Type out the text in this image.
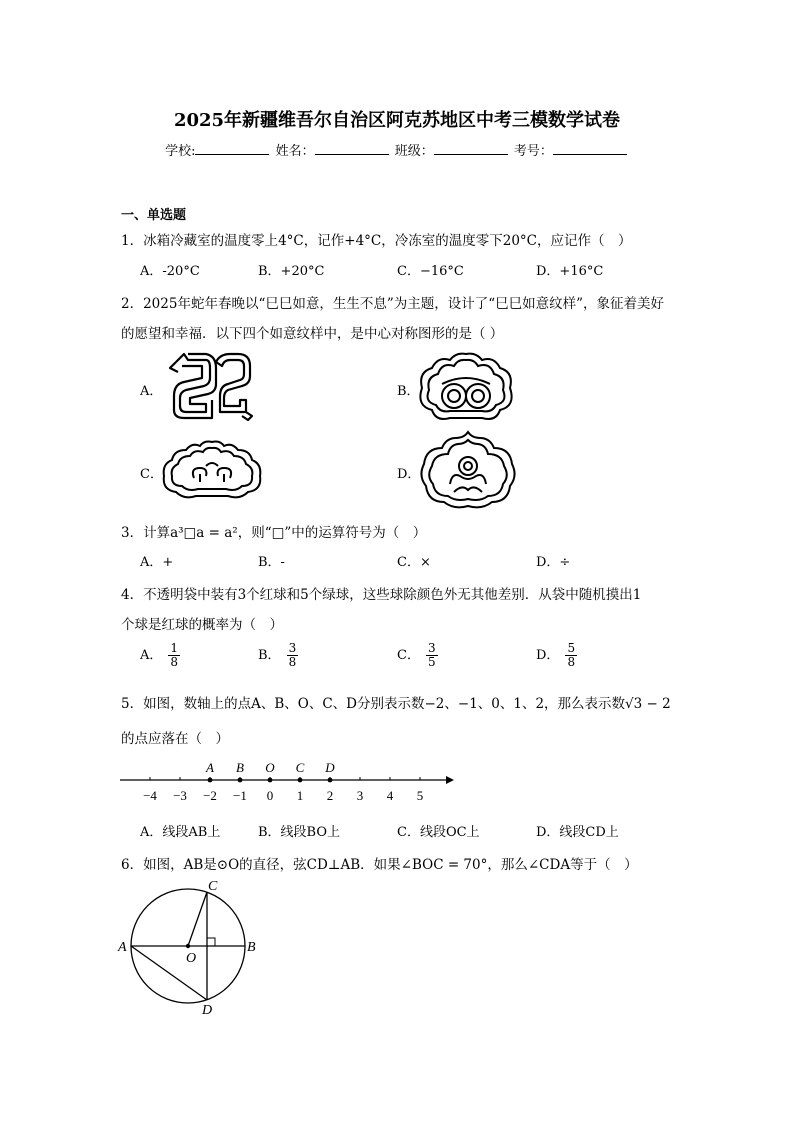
2025年新疆维吾尔自治区阿克苏地区中考三模数学试卷
学校:	姓名：	班级：	考号：
一、单选题
1．冰箱冷藏室的温度零上4°C，记作+4°C，冷冻室的温度零下20°C，应记作（　）
A．-20°C	B．+20°C	C．−16°C	D．+16°C
2．2025年蛇年春晚以“巳巳如意，生生不息”为主题，设计了“巳巳如意纹样”，象征着美好
的愿望和幸福．以下四个如意纹样中，是中心对称图形的是（ ）
A．	B．
C．	D．
3．计算a³□a = a²，则“□”中的运算符号为（　）
A．+	B．-	C．×	D．÷
4．不透明袋中装有3个红球和5个绿球，这些球除颜色外无其他差别．从袋中随机摸出1
个球是红球的概率为（　）
A． $\frac{1}{8}$	B． $\frac{3}{8}$	C． $\frac{3}{5}$	D． $\frac{5}{8}$
5．如图，数轴上的点A、B、O、C、D分别表示数−2、−1、0、1、2，那么表示数√3 − 2
的点应落在（　）
−4 −3 −2 −1 0 1 2 3 4 5
A B O C D
A．线段AB上	B．线段BO上	C．线段OC上	D．线段CD上
6．如图，AB是⊙O的直径，弦CD⊥AB．如果∠BOC = 70°，那么∠CDA等于（　）
C
A
O
B
D
